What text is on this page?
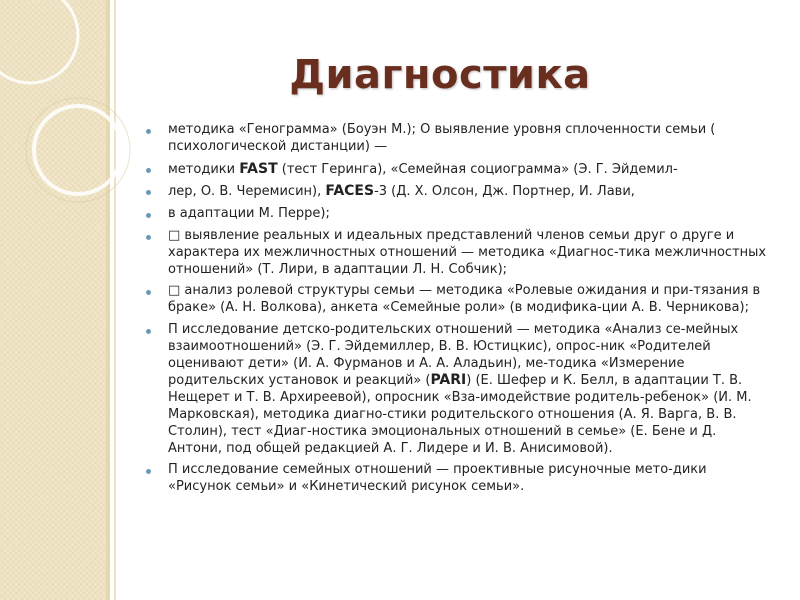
Диагностика
методика «Генограмма» (Боуэн М.); О выявление уровня сплоченности семьи ( психологической дистанции) —
методики FAST (тест Геринга), «Семейная социограмма» (Э. Г. Эйдемил-
лер, О. В. Черемисин), FACES-3 (Д. X. Олсон, Дж. Портнер, И. Лави,
в адаптации М. Перре);
□ выявление реальных и идеальных представлений членов семьи друг о друге и характера их межличностных отношений — методика «Диагнос-тика межличностных отношений» (Т. Лири, в адаптации Л. Н. Собчик);
□ анализ ролевой структуры семьи — методика «Ролевые ожидания и при-тязания в браке» (А. Н. Волкова), анкета «Семейные роли» (в модифика-ции А. В. Черникова);
П исследование детско-родительских отношений — методика «Анализ се-мейных взаимоотношений» (Э. Г. Эйдемиллер, В. В. Юстицкис), опрос-ник «Родителей оценивают дети» (И. А. Фурманов и А. А. Аладьин), ме-тодика «Измерение родительских установок и реакций» (PARI) (Е. Шефер и К. Белл, в адаптации Т. В. Нещерет и Т. В. Архиреевой), опросник «Вза-имодействие родитель-ребенок» (И. М. Марковская), методика диагно-стики родительского отношения (А. Я. Варга, В. В. Столин), тест «Диаг-ностика эмоциональных отношений в семье» (Е. Бене и Д. Антони, под общей редакцией А. Г. Лидере и И. В. Анисимовой).
П исследование семейных отношений — проективные рисуночные мето-дики «Рисунок семьи» и «Кинетический рисунок семьи».
